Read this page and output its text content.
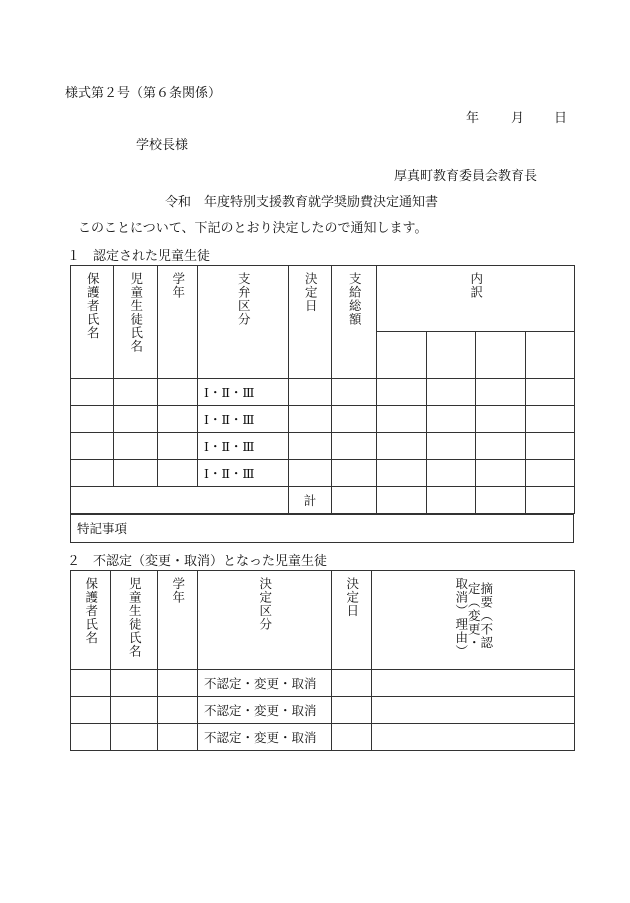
様式第２号（第６条関係）
年 月 日
学校長様
厚真町教育委員会教育長
令和　年度特別支援教育就学奨励費決定通知書
このことについて、下記のとおり決定したので通知します。
１　認定された児童生徒
保護者氏名	児童生徒氏名	学年	支弁区分	決定日	支給総額	内訳			

			Ⅰ・Ⅱ・Ⅲ						
			Ⅰ・Ⅱ・Ⅲ						
			Ⅰ・Ⅱ・Ⅲ						
			Ⅰ・Ⅱ・Ⅲ						
				計					
特記事項
２　不認定（変更・取消）となった児童生徒
保護者氏名	児童生徒氏名	学年	決定区分	決定日	摘要（不認定（変更・取消）理由）
			不認定・変更・取消		
			不認定・変更・取消		
			不認定・変更・取消		
